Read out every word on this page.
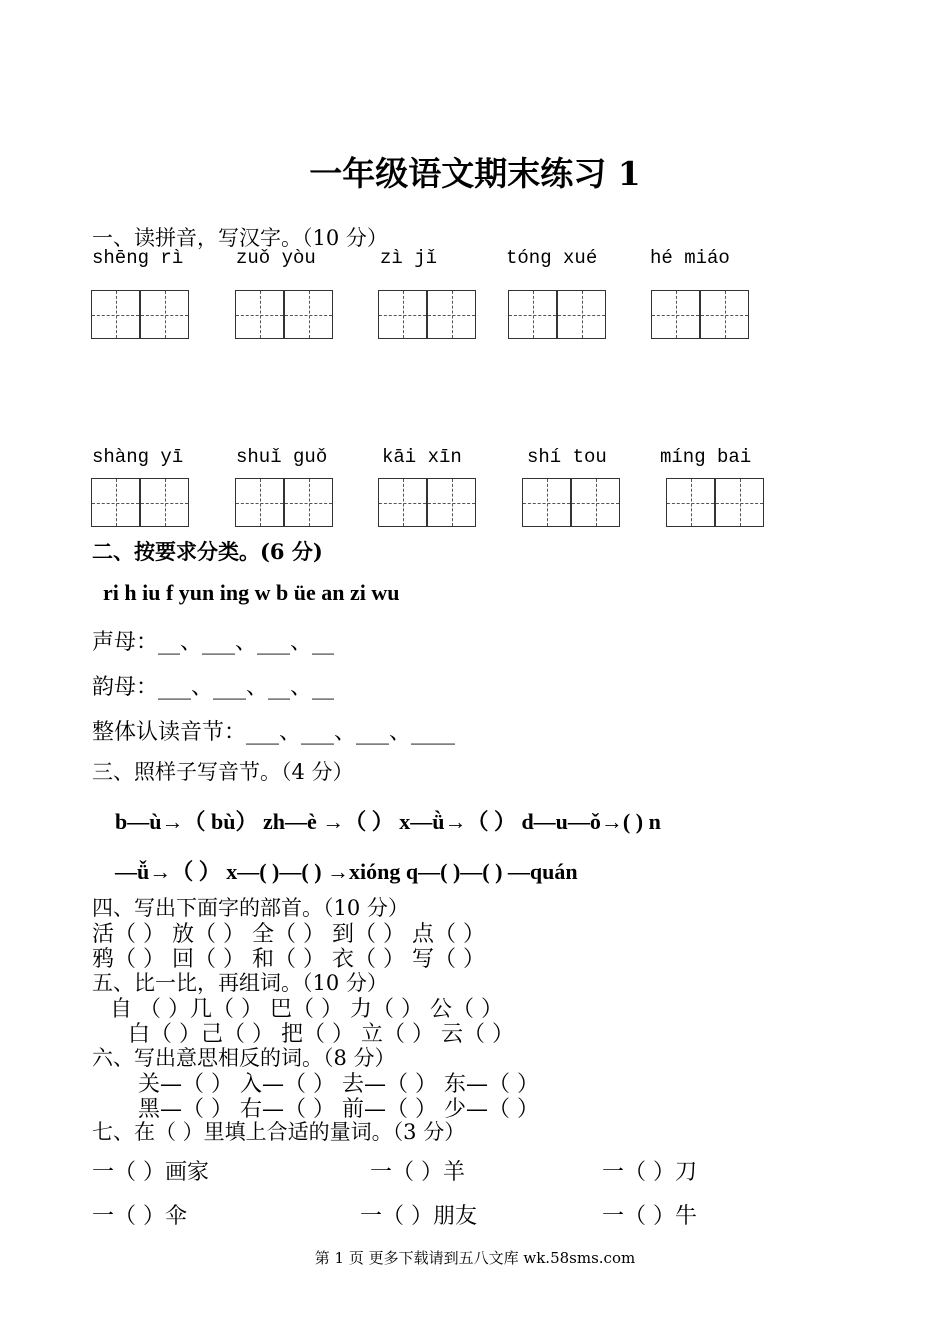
一年级语文期末练习 1
一、读拼音，写汉字。（10 分）
shēng rì	zuǒ yòu	zì jǐ	tóng xué	hé miáo
shàng yī	shuǐ guǒ	kāi xīn	shí tou	míng bai
二、按要求分类。(6 分)
ri h iu f yun ing w b üe an zi wu
声母：__、___、___、__
韵母：___、___、__、__
整体认读音节：___、___、___、____
三、照样子写音节。（4 分）
b—ù→（ bù） zh—è →（ ） x—ǜ→（ ） d—u—ǒ→( ) n
—ǚ→（ ） x—( )—( ) →xióng q—( )—( ) —quán
四、写出下面字的部首。（10 分）
活（ ） 放（ ） 全（ ） 到（ ） 点（ ）
鸦（ ） 回（ ） 和（ ） 衣（ ） 写（ ）
五、比一比，再组词。（10 分）
自 （ ）几（ ） 巴（ ） 力（ ） 公（ ）
白（ ）己（ ） 把（ ） 立（ ） 云（ ）
六、写出意思相反的词。（8 分）
关—（ ） 入—（ ） 去—（ ） 东—（ ）
黑—（ ） 右—（ ） 前—（ ） 少—（ ）
七、在（ ）里填上合适的量词。（3 分）
一（ ）画家	一（ ）羊	一（ ）刀
一（ ）伞	一（ ）朋友	一（ ）牛
第 1 页 更多下载请到五八文库 wk.58sms.com
